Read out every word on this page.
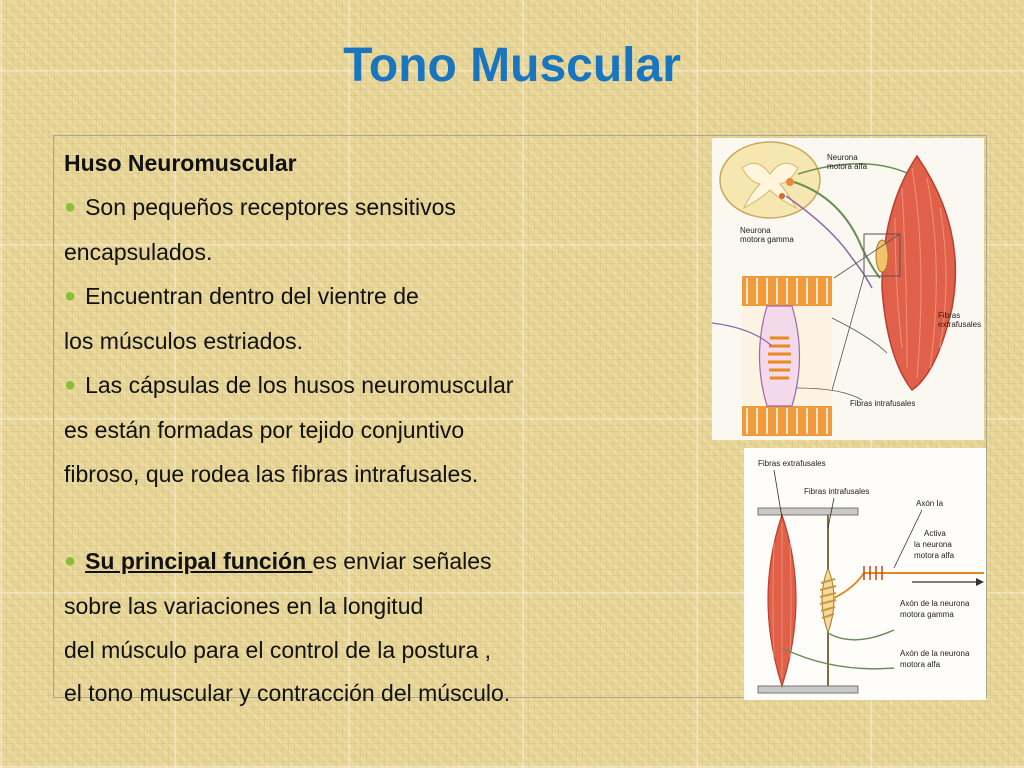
Tono Muscular
Huso Neuromuscular
● Son pequeños receptores sensitivos
encapsulados.
● Encuentran dentro del vientre de
los músculos estriados.
● Las cápsulas de los husos neuromuscular
es están formadas por tejido conjuntivo
fibroso, que rodea las fibras intrafusales.
● Su principal función es enviar señales
sobre las variaciones en la longitud
del músculo para el control de la postura ,
el tono muscular y contracción del músculo.
Neurona
motora alfa
Neurona
motora gamma
Fibras
extrafusales
Fibras intrafusales
Fibras extrafusales
Fibras intrafusales
Axón Ia
Activa
la neurona
motora alfa
Axón de la neurona
motora gamma
Axón de la neurona
motora alfa
